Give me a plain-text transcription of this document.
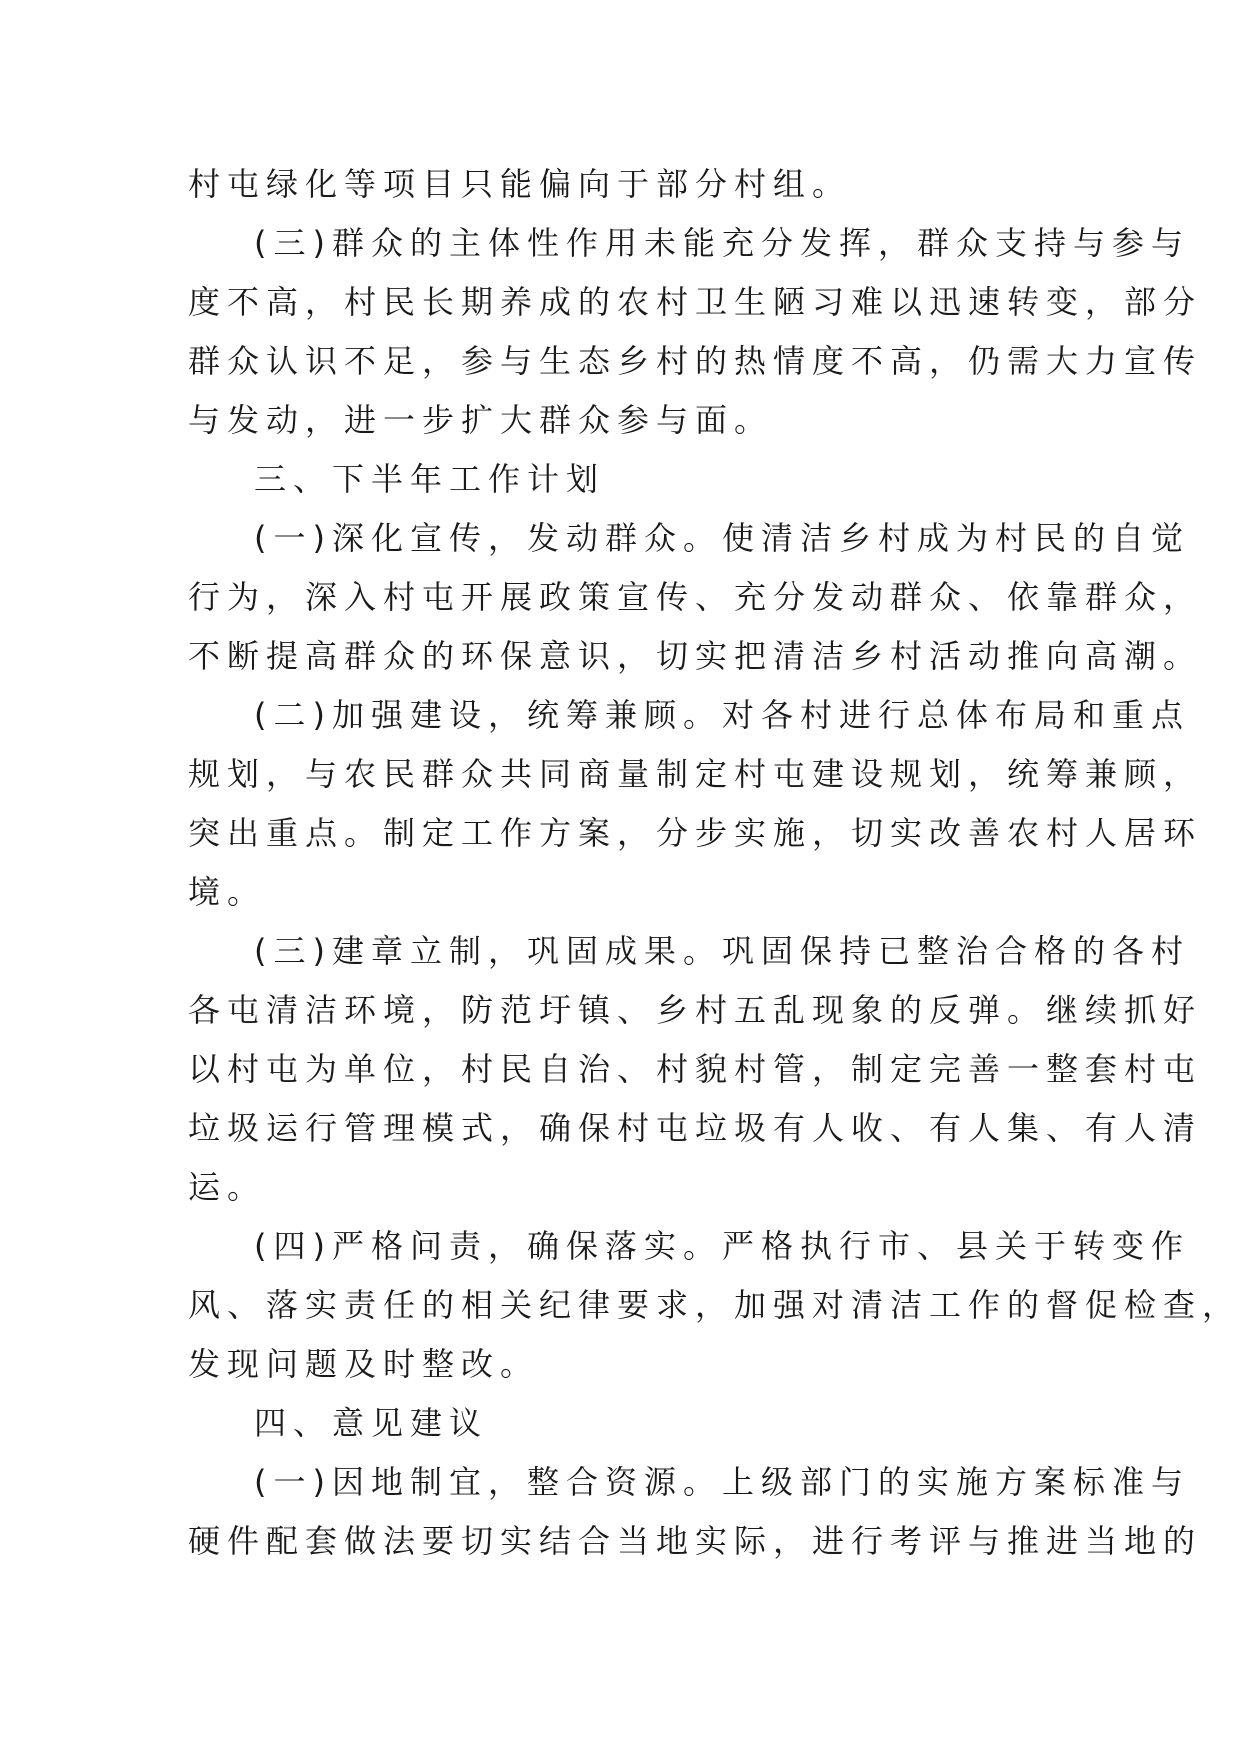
村屯绿化等项目只能偏向于部分村组。
(三)群众的主体性作用未能充分发挥，群众支持与参与
度不高，村民长期养成的农村卫生陋习难以迅速转变，部分
群众认识不足，参与生态乡村的热情度不高，仍需大力宣传
与发动，进一步扩大群众参与面。
三、下半年工作计划
(一)深化宣传，发动群众。使清洁乡村成为村民的自觉
行为，深入村屯开展政策宣传、充分发动群众、依靠群众，
不断提高群众的环保意识，切实把清洁乡村活动推向高潮。
(二)加强建设，统筹兼顾。对各村进行总体布局和重点
规划，与农民群众共同商量制定村屯建设规划，统筹兼顾，
突出重点。制定工作方案，分步实施，切实改善农村人居环
境。
(三)建章立制，巩固成果。巩固保持已整治合格的各村
各屯清洁环境，防范圩镇、乡村五乱现象的反弹。继续抓好
以村屯为单位，村民自治、村貌村管，制定完善一整套村屯
垃圾运行管理模式，确保村屯垃圾有人收、有人集、有人清
运。
(四)严格问责，确保落实。严格执行市、县关于转变作
风、落实责任的相关纪律要求，加强对清洁工作的督促检查，
发现问题及时整改。
四、意见建议
(一)因地制宜，整合资源。上级部门的实施方案标准与
硬件配套做法要切实结合当地实际，进行考评与推进当地的
